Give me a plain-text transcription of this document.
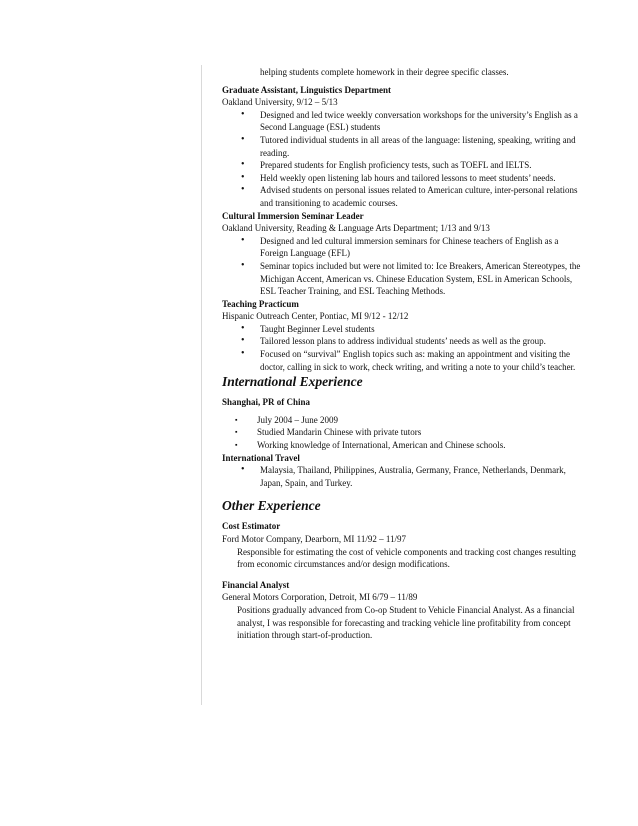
helping students complete homework in their degree specific classes.

Graduate Assistant, Linguistics Department

Oakland University, 9/12 – 5/13

• Designed and led twice weekly conversation workshops for the university’s English as a Second Language (ESL) students
• Tutored individual students in all areas of the language: listening, speaking, writing and reading.
• Prepared students for English proficiency tests, such as TOEFL and IELTS.
• Held weekly open listening lab hours and tailored lessons to meet students’ needs.
• Advised students on personal issues related to American culture, inter-personal relations and transitioning to academic courses.

Cultural Immersion Seminar Leader

Oakland University, Reading & Language Arts Department; 1/13 and 9/13

• Designed and led cultural immersion seminars for Chinese teachers of English as a Foreign Language (EFL)
• Seminar topics included but were not limited to: Ice Breakers, American Stereotypes, the Michigan Accent, American vs. Chinese Education System, ESL in American Schools, ESL Teacher Training, and ESL Teaching Methods.

Teaching Practicum

Hispanic Outreach Center, Pontiac, MI 9/12 - 12/12

• Taught Beginner Level students
• Tailored lesson plans to address individual students’ needs as well as the group.
• Focused on “survival” English topics such as: making an appointment and visiting the doctor, calling in sick to work, check writing, and writing a note to your child’s teacher.

International Experience

Shanghai, PR of China

▪ July 2004 – June 2009
▪ Studied Mandarin Chinese with private tutors
▪ Working knowledge of International, American and Chinese schools.

International Travel

• Malaysia, Thailand, Philippines, Australia, Germany, France, Netherlands, Denmark, Japan, Spain, and Turkey.

Other Experience

Cost Estimator

Ford Motor Company, Dearborn, MI 11/92 – 11/97

Responsible for estimating the cost of vehicle components and tracking cost changes resulting from economic circumstances and/or design modifications.

Financial Analyst

General Motors Corporation, Detroit, MI 6/79 – 11/89

Positions gradually advanced from Co-op Student to Vehicle Financial Analyst. As a financial analyst, I was responsible for forecasting and tracking vehicle line profitability from concept initiation through start-of-production.
